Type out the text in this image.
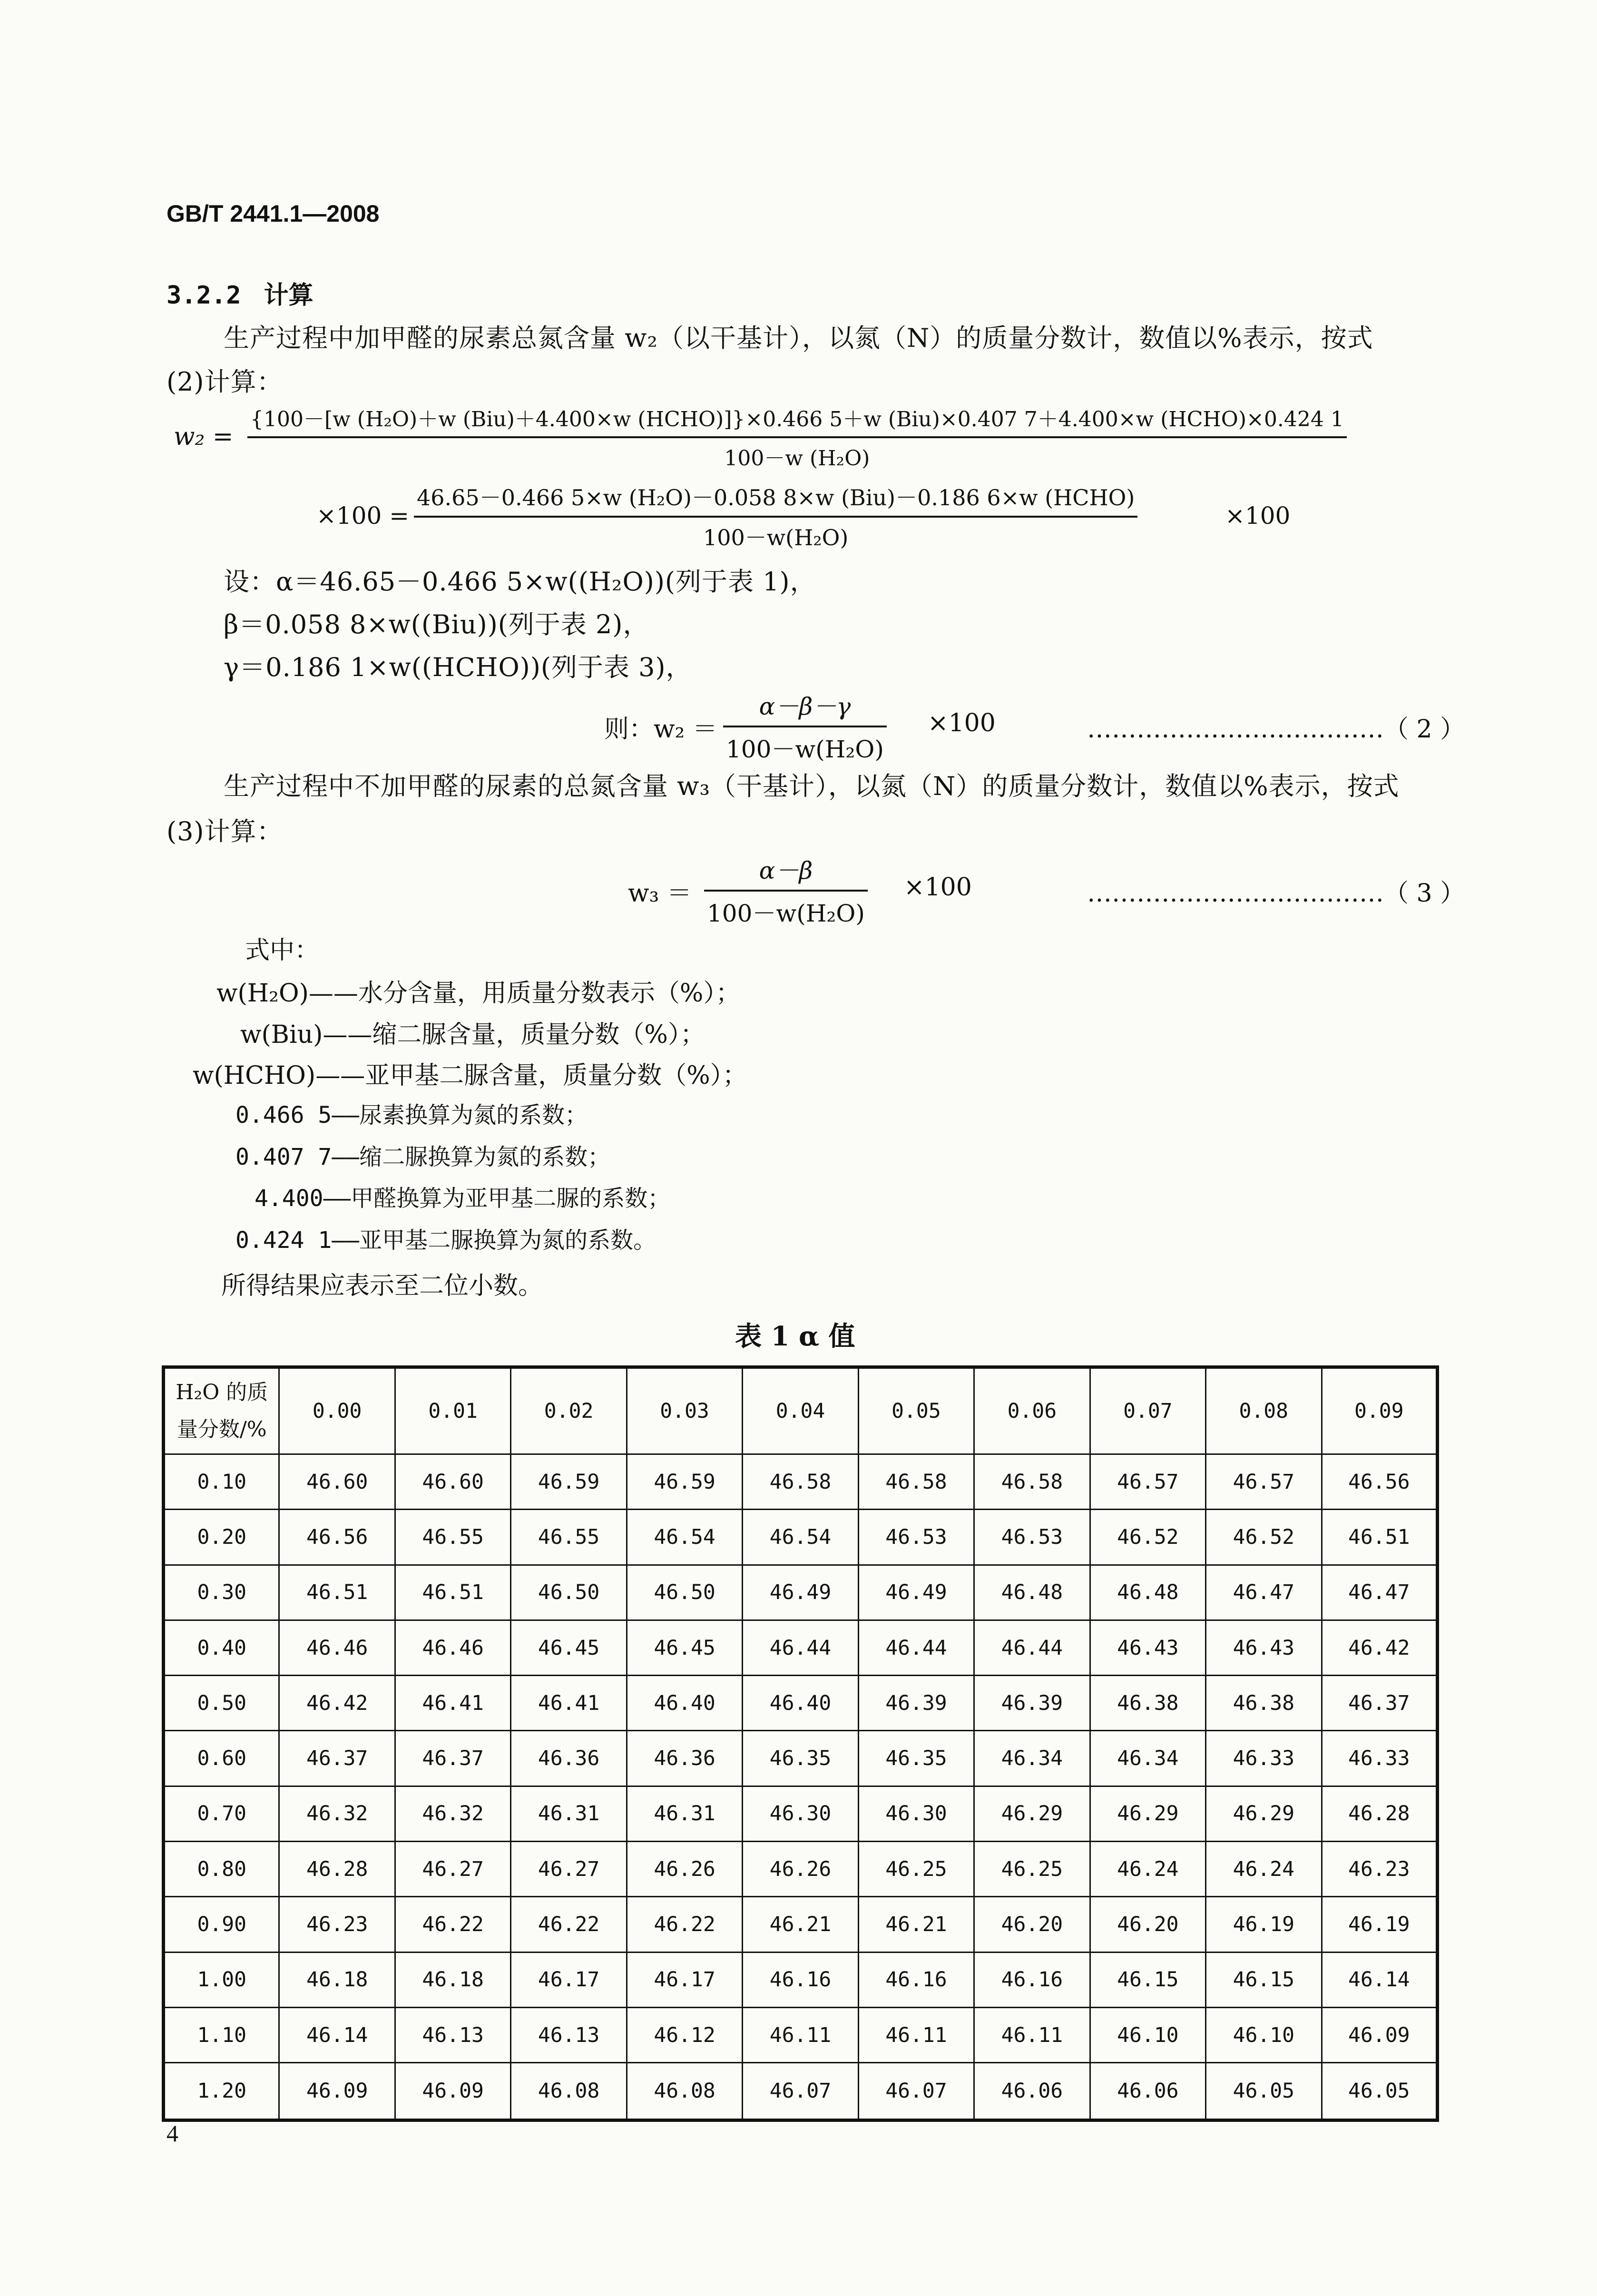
GB/T 2441.1—2008
3.2.2 计算
生产过程中加甲醛的尿素总氮含量 w₂（以干基计），以氮（N）的质量分数计，数值以%表示，按式
(2)计算：
w₂ =
{100－[w (H₂O)＋w (Biu)＋4.400×w (HCHO)]}×0.466 5＋w (Biu)×0.407 7＋4.400×w (HCHO)×0.424 1
100－w (H₂O)
×100 =
46.65－0.466 5×w (H₂O)－0.058 8×w (Biu)－0.186 6×w (HCHO)
100－w(H₂O)
×100
设：α＝46.65－0.466 5×w((H₂O))(列于表 1)，
β＝0.058 8×w((Biu))(列于表 2)，
γ＝0.186 1×w((HCHO))(列于表 3)，
则：$w_2 = \frac{\alpha-\beta-\gamma}{\text{100－w(H₂O)}} \times 100$	………………………………（ 2 ）
生产过程中不加甲醛的尿素的总氮含量 w₃（干基计），以氮（N）的质量分数计，数值以%表示，按式
(3)计算：
$w_3 = \frac{\alpha-\beta}{\text{100－w(H₂O)}} \times 100$	………………………………（ 3 ）
式中：
w(H₂O)——水分含量，用质量分数表示（%）；
w(Biu)——缩二脲含量，质量分数（%）；
w(HCHO)——亚甲基二脲含量，质量分数（%）；
0.466 5——尿素换算为氮的系数；
0.407 7——缩二脲换算为氮的系数；
4.400——甲醛换算为亚甲基二脲的系数；
0.424 1——亚甲基二脲换算为氮的系数。
所得结果应表示至二位小数。
表 1 α 值
H₂O 的质
量分数/%	0.00	0.01	0.02	0.03	0.04	0.05	0.06	0.07	0.08	0.09
0.10	46.60	46.60	46.59	46.59	46.58	46.58	46.58	46.57	46.57	46.56
0.20	46.56	46.55	46.55	46.54	46.54	46.53	46.53	46.52	46.52	46.51
0.30	46.51	46.51	46.50	46.50	46.49	46.49	46.48	46.48	46.47	46.47
0.40	46.46	46.46	46.45	46.45	46.44	46.44	46.44	46.43	46.43	46.42
0.50	46.42	46.41	46.41	46.40	46.40	46.39	46.39	46.38	46.38	46.37
0.60	46.37	46.37	46.36	46.36	46.35	46.35	46.34	46.34	46.33	46.33
0.70	46.32	46.32	46.31	46.31	46.30	46.30	46.29	46.29	46.29	46.28
0.80	46.28	46.27	46.27	46.26	46.26	46.25	46.25	46.24	46.24	46.23
0.90	46.23	46.22	46.22	46.22	46.21	46.21	46.20	46.20	46.19	46.19
1.00	46.18	46.18	46.17	46.17	46.16	46.16	46.16	46.15	46.15	46.14
1.10	46.14	46.13	46.13	46.12	46.11	46.11	46.11	46.10	46.10	46.09
1.20	46.09	46.09	46.08	46.08	46.07	46.07	46.06	46.06	46.05	46.05
4
